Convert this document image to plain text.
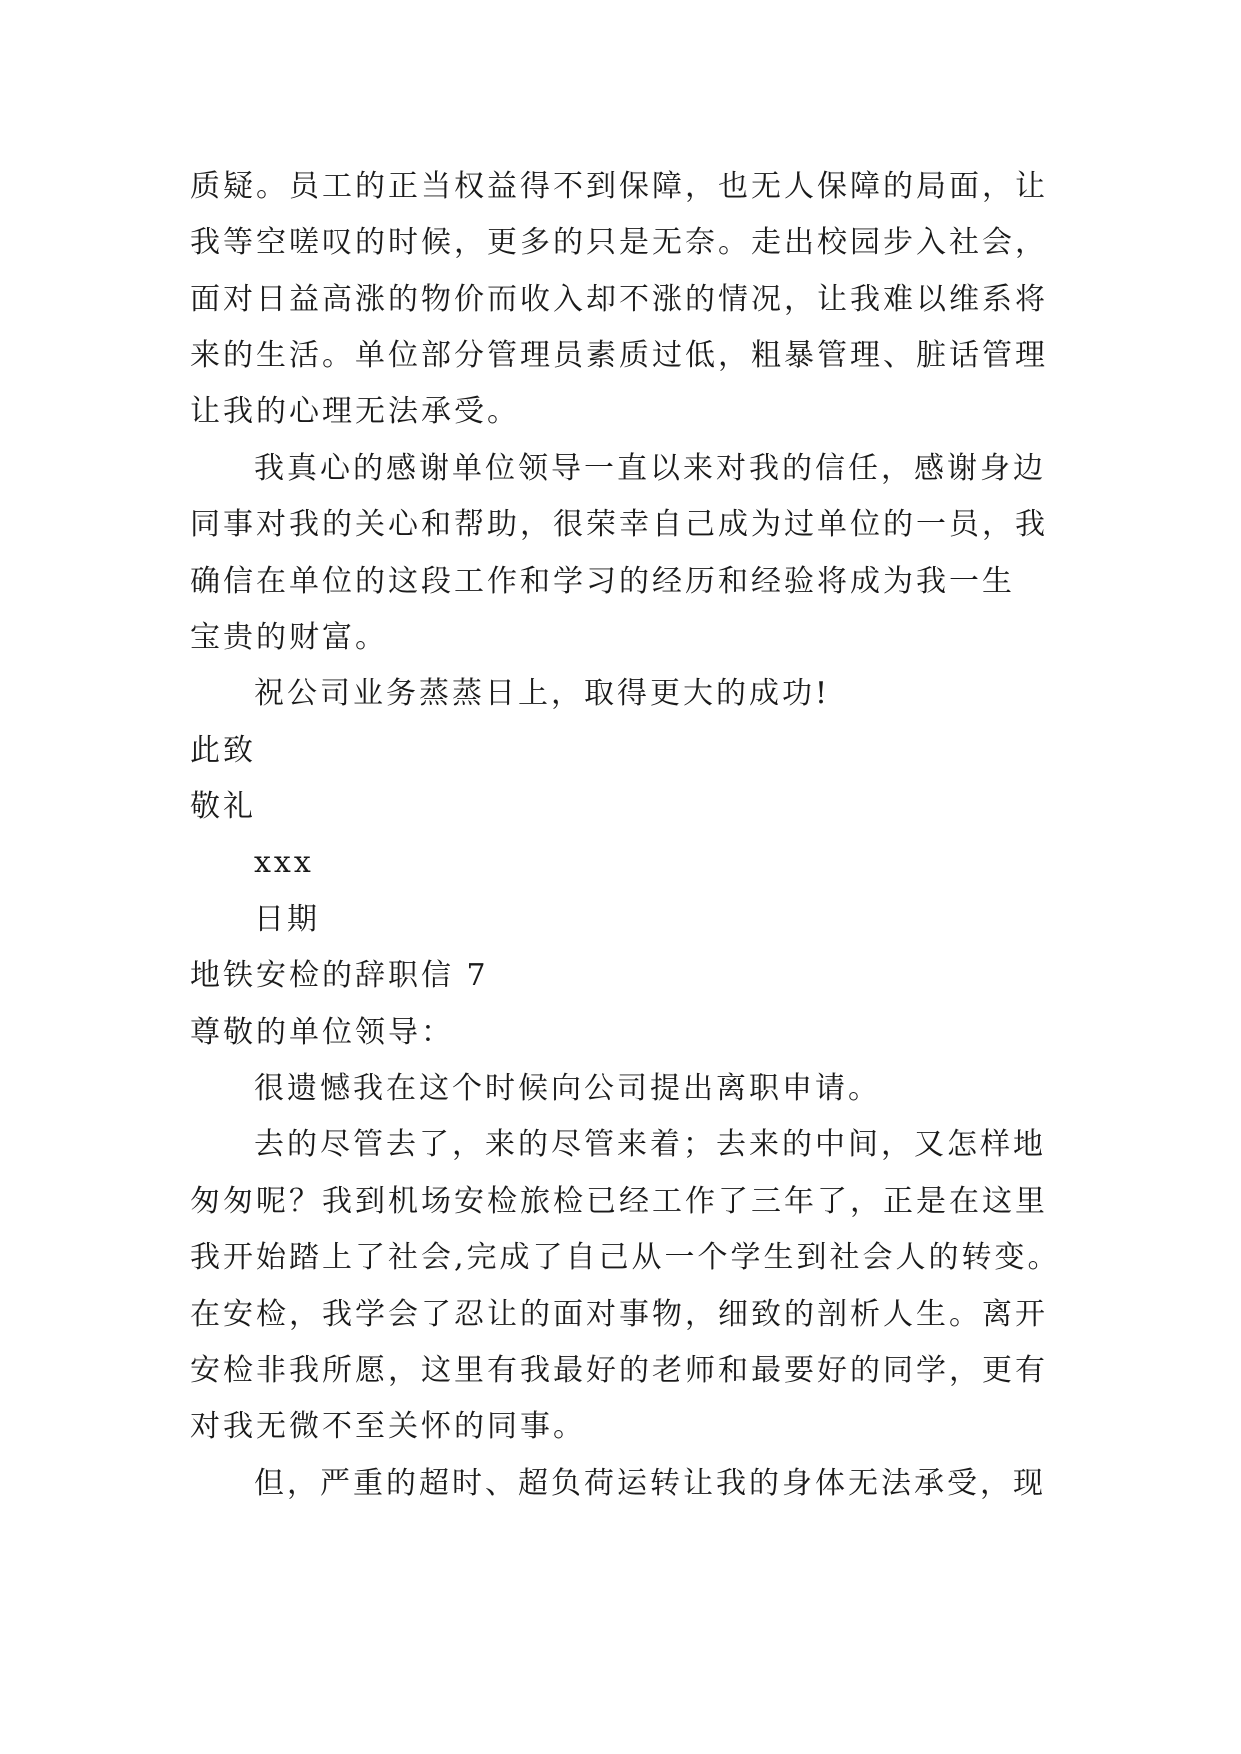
质疑。员工的正当权益得不到保障，也无人保障的局面，让
我等空嗟叹的时候，更多的只是无奈。走出校园步入社会，
面对日益高涨的物价而收入却不涨的情况，让我难以维系将
来的生活。单位部分管理员素质过低，粗暴管理、脏话管理
让我的心理无法承受。
我真心的感谢单位领导一直以来对我的信任，感谢身边
同事对我的关心和帮助，很荣幸自己成为过单位的一员，我
确信在单位的这段工作和学习的经历和经验将成为我一生
宝贵的财富。
祝公司业务蒸蒸日上，取得更大的成功!
此致
敬礼
xxx
日期
地铁安检的辞职信 7
尊敬的单位领导：
很遗憾我在这个时候向公司提出离职申请。
去的尽管去了，来的尽管来着；去来的中间，又怎样地
匆匆呢？我到机场安检旅检已经工作了三年了，正是在这里
我开始踏上了社会,完成了自己从一个学生到社会人的转变。
在安检，我学会了忍让的面对事物，细致的剖析人生。离开
安检非我所愿，这里有我最好的老师和最要好的同学，更有
对我无微不至关怀的同事。
但，严重的超时、超负荷运转让我的身体无法承受，现
